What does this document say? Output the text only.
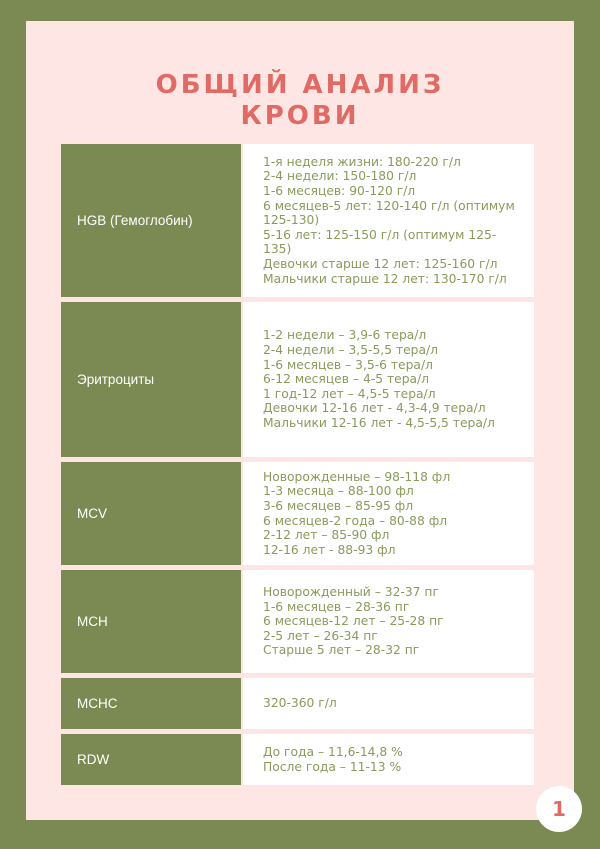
ОБЩИЙ АНАЛИЗ
КРОВИ
HGB (Гемоглобин)
1-я неделя жизни: 180-220 г/л
2-4 недели: 150-180 г/л
1-6 месяцев: 90-120 г/л
6 месяцев-5 лет: 120-140 г/л (оптимум 125-130)
5-16 лет: 125-150 г/л (оптимум 125-135)
Девочки старше 12 лет: 125-160 г/л
Мальчики старше 12 лет: 130-170 г/л
Эритроциты
1-2 недели – 3,9-6 тера/л
2-4 недели – 3,5-5,5 тера/л
1-6 месяцев – 3,5-6 тера/л
6-12 месяцев – 4-5 тера/л
1 год-12 лет – 4,5-5 тера/л
Девочки 12-16 лет - 4,3-4,9 тера/л
Мальчики 12-16 лет - 4,5-5,5 тера/л
MCV
Новорожденные – 98-118 фл
1-3 месяца – 88-100 фл
3-6 месяцев – 85-95 фл
6 месяцев-2 года – 80-88 фл
2-12 лет – 85-90 фл
12-16 лет - 88-93 фл
MCH
Новорожденный – 32-37 пг
1-6 месяцев – 28-36 пг
6 месяцев-12 лет – 25-28 пг
2-5 лет – 26-34 пг
Старше 5 лет – 28-32 пг
MCHC	320-360 г/л
RDW
До года – 11,6-14,8 %
После года – 11-13 %
1
